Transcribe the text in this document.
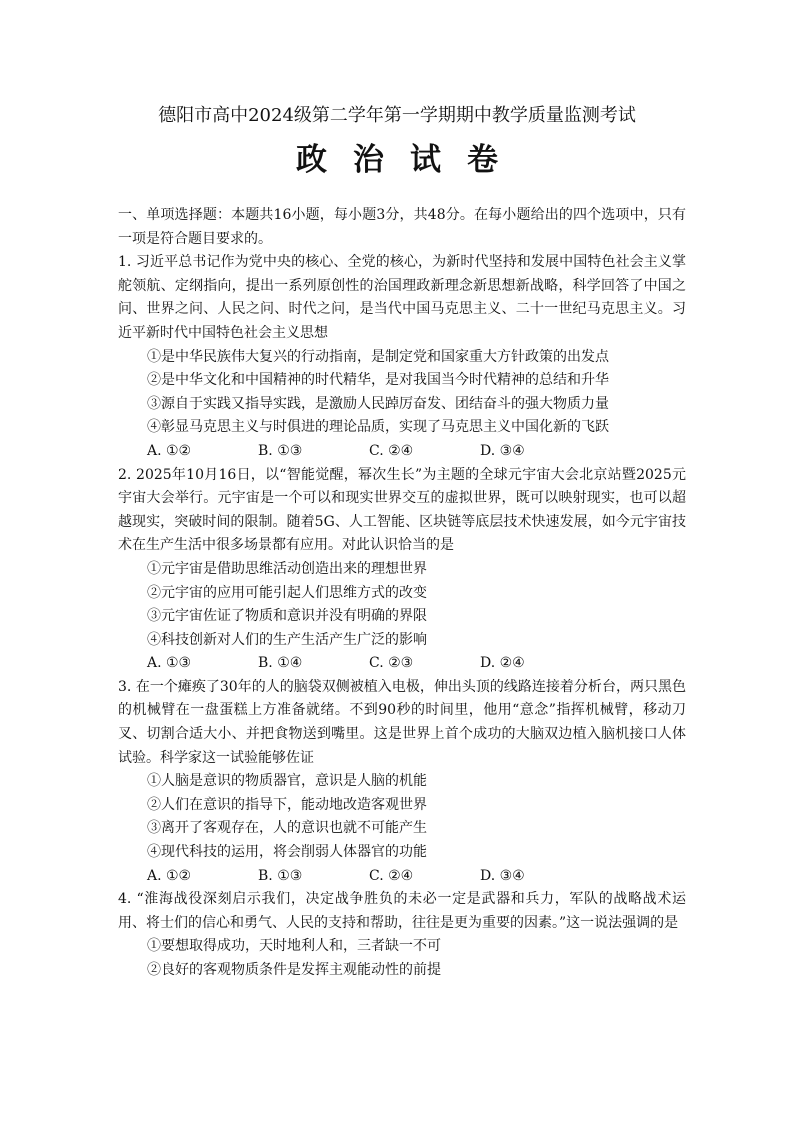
德阳市高中2024级第二学年第一学期期中教学质量监测考试
政治试卷

一、单项选择题：本题共16小题，每小题3分，共48分。在每小题给出的四个选项中，只有一项是符合题目要求的。

1. 习近平总书记作为党中央的核心、全党的核心，为新时代坚持和发展中国特色社会主义掌舵领航、定纲指向，提出一系列原创性的治国理政新理念新思想新战略，科学回答了中国之问、世界之问、人民之问、时代之问，是当代中国马克思主义、二十一世纪马克思主义。习近平新时代中国特色社会主义思想

①是中华民族伟大复兴的行动指南，是制定党和国家重大方针政策的出发点

②是中华文化和中国精神的时代精华，是对我国当今时代精神的总结和升华

③源自于实践又指导实践，是激励人民踔厉奋发、团结奋斗的强大物质力量

④彰显马克思主义与时俱进的理论品质，实现了马克思主义中国化新的飞跃

A. ①②	B. ①③	C. ②④	D. ③④

2. 2025年10月16日，以“智能觉醒，幂次生长”为主题的全球元宇宙大会北京站暨2025元宇宙大会举行。元宇宙是一个可以和现实世界交互的虚拟世界，既可以映射现实，也可以超越现实，突破时间的限制。随着5G、人工智能、区块链等底层技术快速发展，如今元宇宙技术在生产生活中很多场景都有应用。对此认识恰当的是

①元宇宙是借助思维活动创造出来的理想世界

②元宇宙的应用可能引起人们思维方式的改变

③元宇宙佐证了物质和意识并没有明确的界限

④科技创新对人们的生产生活产生广泛的影响

A. ①③	B. ①④	C. ②③	D. ②④

3. 在一个瘫痪了30年的人的脑袋双侧被植入电极，伸出头顶的线路连接着分析台，两只黑色的机械臂在一盘蛋糕上方准备就绪。不到90秒的时间里，他用“意念”指挥机械臂，移动刀叉、切割合适大小、并把食物送到嘴里。这是世界上首个成功的大脑双边植入脑机接口人体试验。科学家这一试验能够佐证

①人脑是意识的物质器官，意识是人脑的机能

②人们在意识的指导下，能动地改造客观世界

③离开了客观存在，人的意识也就不可能产生

④现代科技的运用，将会削弱人体器官的功能

A. ①②	B. ①③	C. ②④	D. ③④

4. “淮海战役深刻启示我们，决定战争胜负的未必一定是武器和兵力，军队的战略战术运用、将士们的信心和勇气、人民的支持和帮助，往往是更为重要的因素。”这一说法强调的是

①要想取得成功，天时地利人和，三者缺一不可

②良好的客观物质条件是发挥主观能动性的前提
